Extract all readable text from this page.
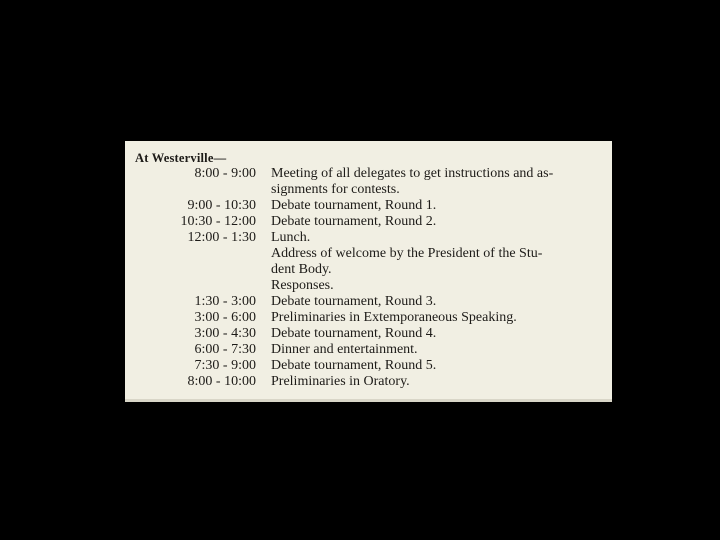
At Westerville—
8:00 - 9:00 Meeting of all delegates to get instructions and as-
signments for contests.
9:00 - 10:30 Debate tournament, Round 1.
10:30 - 12:00 Debate tournament, Round 2.
12:00 - 1:30 Lunch.
Address of welcome by the President of the Stu-
dent Body.
Responses.
1:30 - 3:00 Debate tournament, Round 3.
3:00 - 6:00 Preliminaries in Extemporaneous Speaking.
3:00 - 4:30 Debate tournament, Round 4.
6:00 - 7:30 Dinner and entertainment.
7:30 - 9:00 Debate tournament, Round 5.
8:00 - 10:00 Preliminaries in Oratory.
